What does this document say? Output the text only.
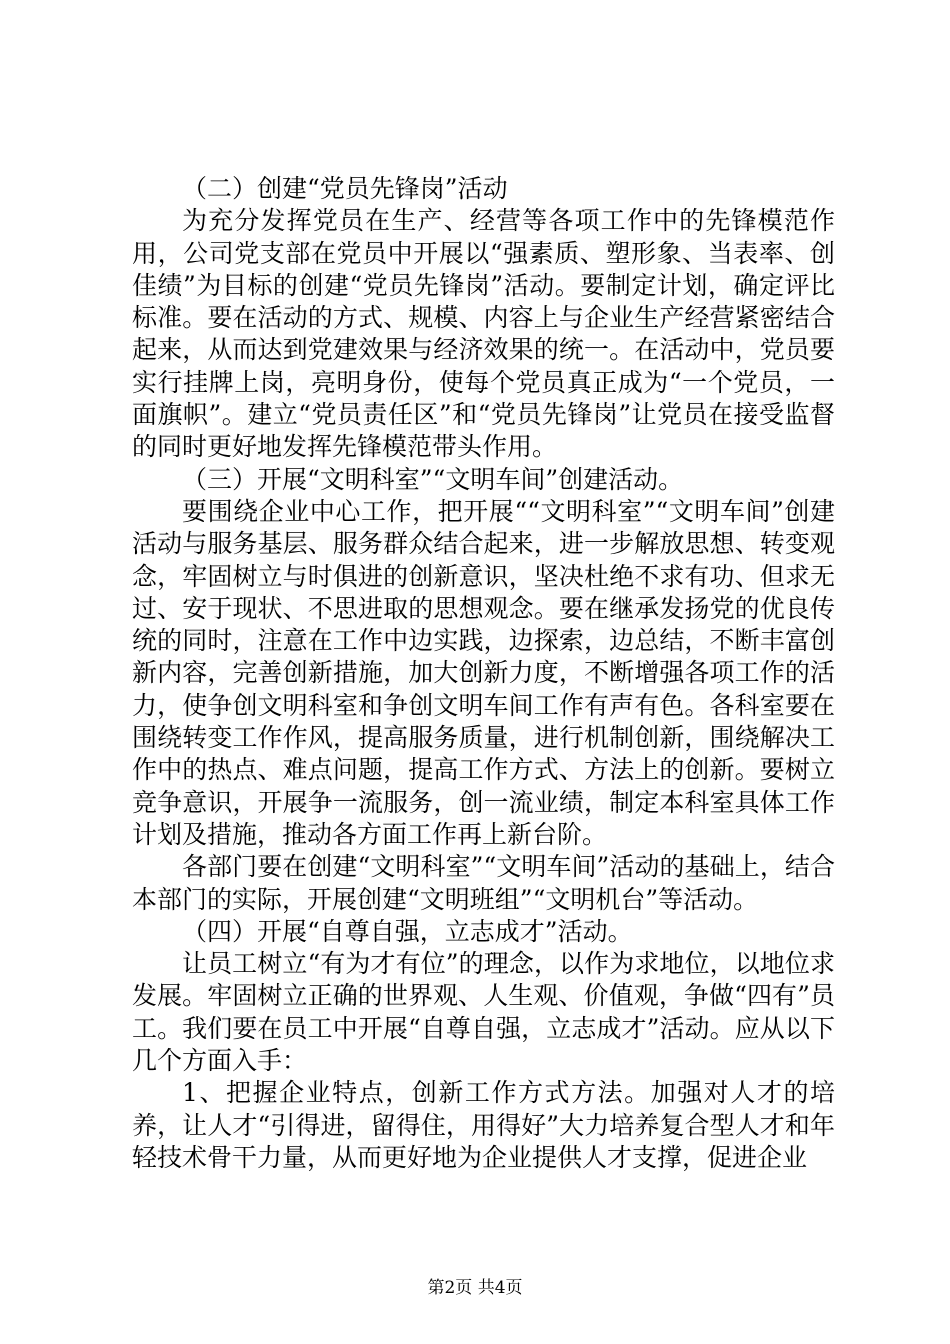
（二）创建“党员先锋岗”活动

为充分发挥党员在生产、经营等各项工作中的先锋模范作用，公司党支部在党员中开展以“强素质、塑形象、当表率、创佳绩”为目标的创建“党员先锋岗”活动。要制定计划，确定评比标准。要在活动的方式、规模、内容上与企业生产经营紧密结合起来，从而达到党建效果与经济效果的统一。在活动中，党员要实行挂牌上岗，亮明身份，使每个党员真正成为“一个党员，一面旗帜”。建立“党员责任区”和“党员先锋岗”让党员在接受监督的同时更好地发挥先锋模范带头作用。

（三）开展“文明科室”“文明车间”创建活动。

要围绕企业中心工作，把开展““文明科室”“文明车间”创建活动与服务基层、服务群众结合起来，进一步解放思想、转变观念，牢固树立与时俱进的创新意识，坚决杜绝不求有功、但求无过、安于现状、不思进取的思想观念。要在继承发扬党的优良传统的同时，注意在工作中边实践，边探索，边总结，不断丰富创新内容，完善创新措施，加大创新力度，不断增强各项工作的活力，使争创文明科室和争创文明车间工作有声有色。各科室要在围绕转变工作作风，提高服务质量，进行机制创新，围绕解决工作中的热点、难点问题，提高工作方式、方法上的创新。要树立竞争意识，开展争一流服务，创一流业绩，制定本科室具体工作计划及措施，推动各方面工作再上新台阶。

各部门要在创建“文明科室”“文明车间”活动的基础上，结合本部门的实际，开展创建“文明班组”“文明机台”等活动。

（四）开展“自尊自强，立志成才”活动。

让员工树立“有为才有位”的理念，以作为求地位，以地位求发展。牢固树立正确的世界观、人生观、价值观，争做“四有”员工。我们要在员工中开展“自尊自强，立志成才”活动。应从以下几个方面入手：

1、把握企业特点，创新工作方式方法。加强对人才的培养，让人才“引得进，留得住，用得好”大力培养复合型人才和年轻技术骨干力量，从而更好地为企业提供人才支撑，促进企业

第2页 共4页
